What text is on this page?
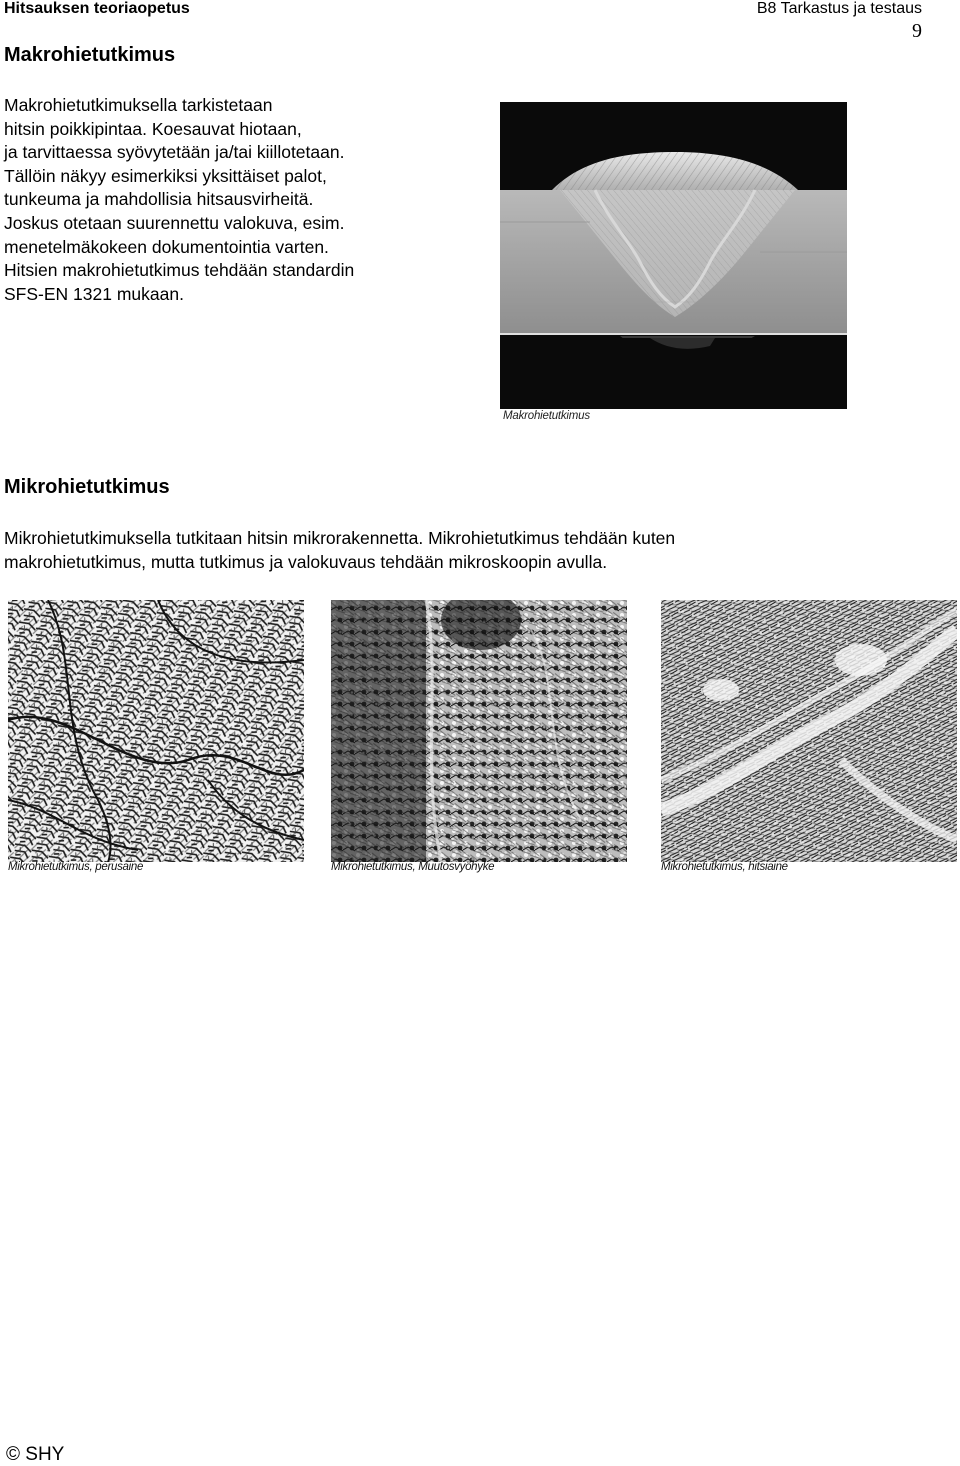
Hitsauksen teoriaopetus	B8 Tarkastus ja testaus
9
Makrohietutkimus
Makrohietutkimuksella tarkistetaan
hitsin poikkipintaa. Koesauvat hiotaan,
ja tarvittaessa syövytetään ja/tai kiillotetaan.
Tällöin näkyy esimerkiksi yksittäiset palot,
tunkeuma ja mahdollisia hitsausvirheitä.
Joskus otetaan suurennettu valokuva, esim.
menetelmäkokeen dokumentointia varten.
Hitsien makrohietutkimus tehdään standardin
SFS-EN 1321 mukaan.
Makrohietutkimus
Mikrohietutkimus
Mikrohietutkimuksella tutkitaan hitsin mikrorakennetta. Mikrohietutkimus tehdään kuten
makrohietutkimus, mutta tutkimus ja valokuvaus tehdään mikroskoopin avulla.
Mikrohietutkimus, perusaine	Mikrohietutkimus, Muutosvyöhyke	Mikrohietutkimus, hitsiaine
© SHY
